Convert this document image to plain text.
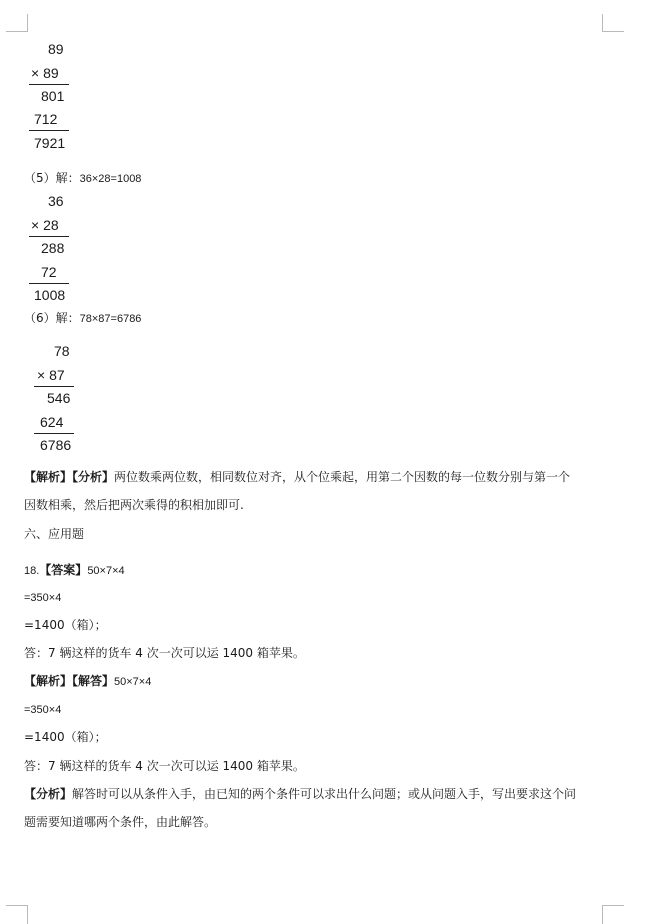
89
× 89
801
712
7921
（5）解：36×28=1008
36
× 28
288
72
1008
（6）解：78×87=6786
78
× 87
546
624
6786
【解析】【分析】两位数乘两位数，相同数位对齐，从个位乘起，用第二个因数的每一位数分别与第一个
因数相乘，然后把两次乘得的积相加即可.
六、应用题
18.【答案】50×7×4
=350×4
=1400（箱）；
答：7 辆这样的货车 4 次一次可以运 1400 箱苹果。
【解析】【解答】50×7×4
=350×4
=1400（箱）；
答：7 辆这样的货车 4 次一次可以运 1400 箱苹果。
【分析】解答时可以从条件入手，由已知的两个条件可以求出什么问题；或从问题入手，写出要求这个问
题需要知道哪两个条件，由此解答。
